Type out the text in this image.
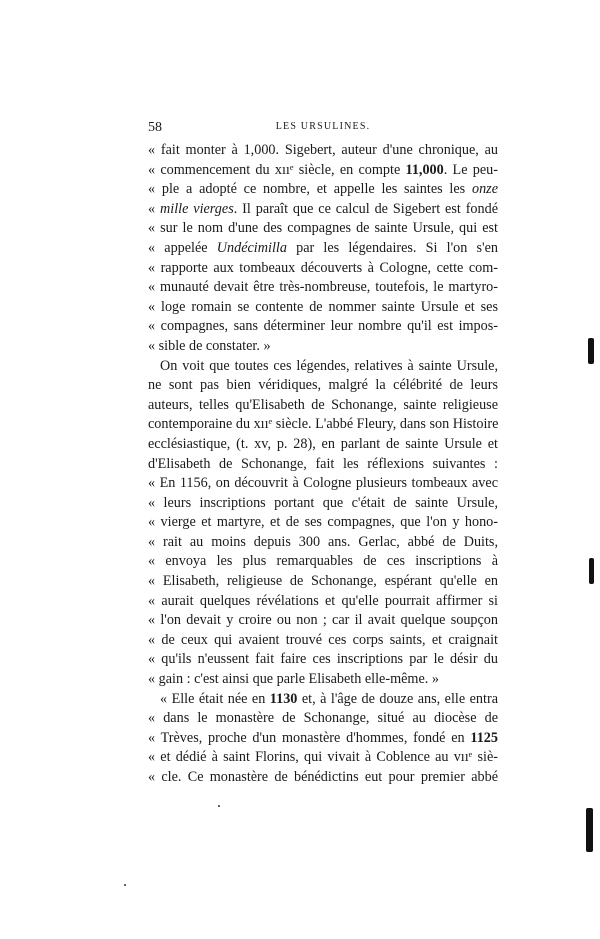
58	LES URSULINES.
« fait monter à 1,000. Sigebert, auteur d'une chronique, au
« commencement du xııᵉ siècle, en compte 11,000. Le peu-
« ple a adopté ce nombre, et appelle les saintes les onze
« mille vierges. Il paraît que ce calcul de Sigebert est fondé
« sur le nom d'une des compagnes de sainte Ursule, qui est
« appelée Undécimilla par les légendaires. Si l'on s'en
« rapporte aux tombeaux découverts à Cologne, cette com-
« munauté devait être très-nombreuse, toutefois, le martyro-
« loge romain se contente de nommer sainte Ursule et ses
« compagnes, sans déterminer leur nombre qu'il est impos-
« sible de constater. »
On voit que toutes ces légendes, relatives à sainte Ursule,
ne sont pas bien véridiques, malgré la célébrité de leurs
auteurs, telles qu'Elisabeth de Schonange, sainte religieuse
contemporaine du xııᵉ siècle. L'abbé Fleury, dans son Histoire
ecclésiastique, (t. xv, p. 28), en parlant de sainte Ursule et
d'Elisabeth de Schonange, fait les réflexions suivantes :
« En 1156, on découvrit à Cologne plusieurs tombeaux avec
« leurs inscriptions portant que c'était de sainte Ursule,
« vierge et martyre, et de ses compagnes, que l'on y hono-
« rait au moins depuis 300 ans. Gerlac, abbé de Duits,
« envoya les plus remarquables de ces inscriptions à
« Elisabeth, religieuse de Schonange, espérant qu'elle en
« aurait quelques révélations et qu'elle pourrait affirmer si
« l'on devait y croire ou non ; car il avait quelque soupçon
« de ceux qui avaient trouvé ces corps saints, et craignait
« qu'ils n'eussent fait faire ces inscriptions par le désir du
« gain : c'est ainsi que parle Elisabeth elle-même. »
« Elle était née en 1130 et, à l'âge de douze ans, elle entra
« dans le monastère de Schonange, situé au diocèse de
« Trèves, proche d'un monastère d'hommes, fondé en 1125
« et dédié à saint Florins, qui vivait à Coblence au vııᵉ siè-
« cle. Ce monastère de bénédictins eut pour premier abbé
